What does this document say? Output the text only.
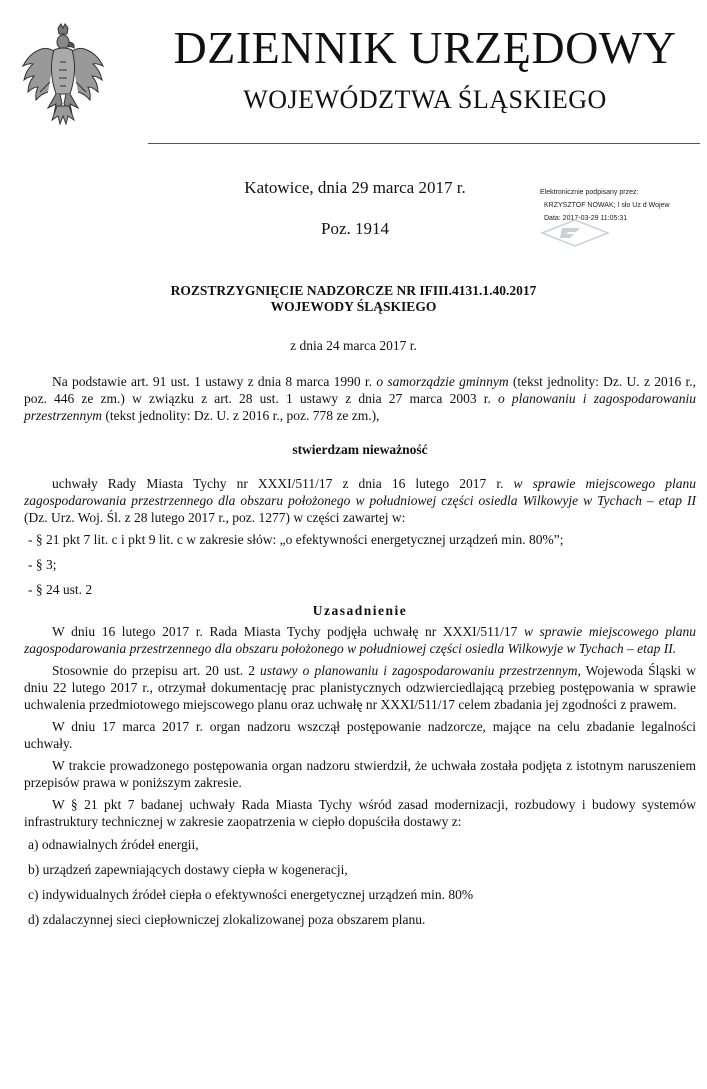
DZIENNIK URZĘDOWY
WOJEWÓDZTWA ŚLĄSKIEGO
Katowice, dnia 29 marca 2017 r.
Poz. 1914
Elektronicznie podpisany przez:
KRZYSZTOF NOWAK; I sło Uz d Wojew
Data: 2017-03-29 11:05:31
ROZSTRZYGNIĘCIE NADZORCZE NR IFIII.4131.1.40.2017
WOJEWODY ŚLĄSKIEGO
z dnia 24 marca 2017 r.

Na podstawie art. 91 ust. 1 ustawy z dnia 8 marca 1990 r. o samorządzie gminnym (tekst jednolity: Dz. U. z 2016 r., poz. 446 ze zm.) w związku z art. 28 ust. 1 ustawy z dnia 27 marca 2003 r. o planowaniu i zagospodarowaniu przestrzennym (tekst jednolity: Dz. U. z 2016 r., poz. 778 ze zm.),

stwierdzam nieważność

uchwały Rady Miasta Tychy nr XXXI/511/17 z dnia 16 lutego 2017 r. w sprawie miejscowego planu zagospodarowania przestrzennego dla obszaru położonego w południowej części osiedla Wilkowyje w Tychach – etap II (Dz. Urz. Woj. Śl. z 28 lutego 2017 r., poz. 1277) w części zawartej w:

- § 21 pkt 7 lit. c i pkt 9 lit. c w zakresie słów: „o efektywności energetycznej urządzeń min. 80%”;

- § 3;

- § 24 ust. 2

Uzasadnienie

W dniu 16 lutego 2017 r. Rada Miasta Tychy podjęła uchwałę nr XXXI/511/17 w sprawie miejscowego planu zagospodarowania przestrzennego dla obszaru położonego w południowej części osiedla Wilkowyje w Tychach – etap II.

Stosownie do przepisu art. 20 ust. 2 ustawy o planowaniu i zagospodarowaniu przestrzennym, Wojewoda Śląski w dniu 22 lutego 2017 r., otrzymał dokumentację prac planistycznych odzwierciedlającą przebieg postępowania w sprawie uchwalenia przedmiotowego miejscowego planu oraz uchwałę nr XXXI/511/17 celem zbadania jej zgodności z prawem.

W dniu 17 marca 2017 r. organ nadzoru wszczął postępowanie nadzorcze, mające na celu zbadanie legalności uchwały.

W trakcie prowadzonego postępowania organ nadzoru stwierdził, że uchwała została podjęta z istotnym naruszeniem przepisów prawa w poniższym zakresie.

W § 21 pkt 7 badanej uchwały Rada Miasta Tychy wśród zasad modernizacji, rozbudowy i budowy systemów infrastruktury technicznej w zakresie zaopatrzenia w ciepło dopuściła dostawy z:

a) odnawialnych źródeł energii,

b) urządzeń zapewniających dostawy ciepła w kogeneracji,

c) indywidualnych źródeł ciepła o efektywności energetycznej urządzeń min. 80%

d) zdalaczynnej sieci ciepłowniczej zlokalizowanej poza obszarem planu.
